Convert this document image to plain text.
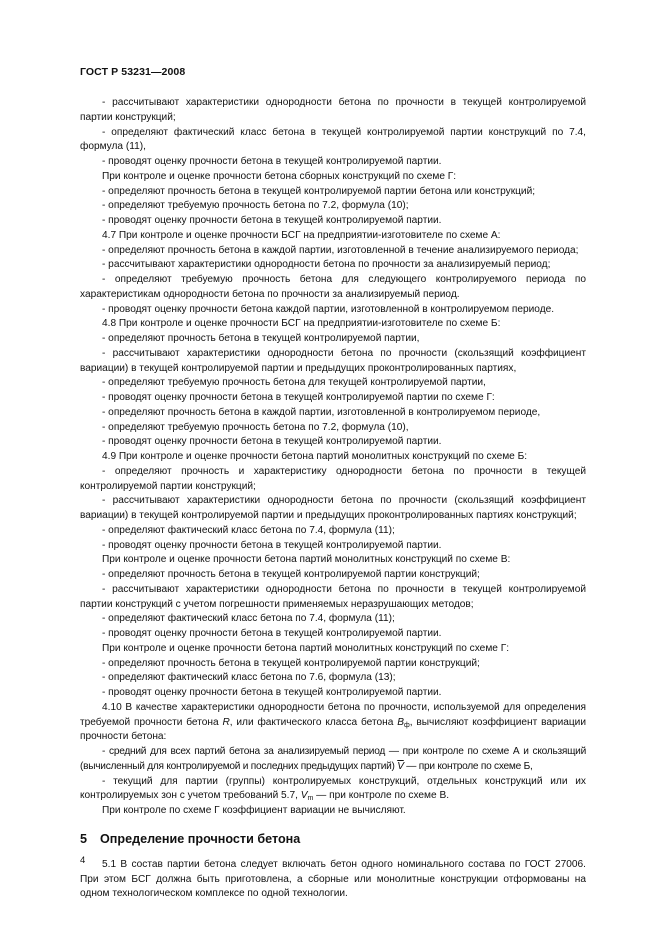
ГОСТ Р 53231—2008

- рассчитывают характеристики однородности бетона по прочности в текущей контролируемой партии конструкций;

- определяют фактический класс бетона в текущей контролируемой партии конструкций по 7.4, формула (11),

- проводят оценку прочности бетона в текущей контролируемой партии.

При контроле и оценке прочности бетона сборных конструкций по схеме Г:

- определяют прочность бетона в текущей контролируемой партии бетона или конструкций;

- определяют требуемую прочность бетона по 7.2, формула (10);

- проводят оценку прочности бетона в текущей контролируемой партии.

4.7 При контроле и оценке прочности БСГ на предприятии-изготовителе по схеме А:

- определяют прочность бетона в каждой партии, изготовленной в течение анализируемого периода;

- рассчитывают характеристики однородности бетона по прочности за анализируемый период;

- определяют требуемую прочность бетона для следующего контролируемого периода по характеристикам однородности бетона по прочности за анализируемый период.

- проводят оценку прочности бетона каждой партии, изготовленной в контролируемом периоде.

4.8 При контроле и оценке прочности БСГ на предприятии-изготовителе по схеме Б:

- определяют прочность бетона в текущей контролируемой партии,

- рассчитывают характеристики однородности бетона по прочности (скользящий коэффициент вариации) в текущей контролируемой партии и предыдущих проконтролированных партиях,

- определяют требуемую прочность бетона для текущей контролируемой партии,

- проводят оценку прочности бетона в текущей контролируемой партии по схеме Г:

- определяют прочность бетона в каждой партии, изготовленной в контролируемом периоде,

- определяют требуемую прочность бетона по 7.2, формула (10),

- проводят оценку прочности бетона в текущей контролируемой партии.

4.9 При контроле и оценке прочности бетона партий монолитных конструкций по схеме Б:

- определяют прочность и характеристику однородности бетона по прочности в текущей контролируемой партии конструкций;

- рассчитывают характеристики однородности бетона по прочности (скользящий коэффициент вариации) в текущей контролируемой партии и предыдущих проконтролированных партиях конструкций;

- определяют фактический класс бетона по 7.4, формула (11);

- проводят оценку прочности бетона в текущей контролируемой партии.

При контроле и оценке прочности бетона партий монолитных конструкций по схеме В:

- определяют прочность бетона в текущей контролируемой партии конструкций;

- рассчитывают характеристики однородности бетона по прочности в текущей контролируемой партии конструкций с учетом погрешности применяемых неразрушающих методов;

- определяют фактический класс бетона по 7.4, формула (11);

- проводят оценку прочности бетона в текущей контролируемой партии.

При контроле и оценке прочности бетона партий монолитных конструкций по схеме Г:

- определяют прочность бетона в текущей контролируемой партии конструкций;

- определяют фактический класс бетона по 7.6, формула (13);

- проводят оценку прочности бетона в текущей контролируемой партии.

4.10 В качестве характеристики однородности бетона по прочности, используемой для определения требуемой прочности бетона R, или фактического класса бетона $B_ф$, вычисляют коэффициент вариации прочности бетона:

- средний для всех партий бетона за анализируемый период — при контроле по схеме А и скользящий (вычисленный для контролируемой и последних предыдущих партий) $\overline{V}$ — при контроле по схеме Б,

- текущий для партии (группы) контролируемых конструкций, отдельных конструкций или их контролируемых зон с учетом требований 5.7, $V_m$ — при контроле по схеме В.

При контроле по схеме Г коэффициент вариации не вычисляют.

5 Определение прочности бетона

5.1 В состав партии бетона следует включать бетон одного номинального состава по ГОСТ 27006. При этом БСГ должна быть приготовлена, а сборные или монолитные конструкции отформованы на одном технологическом комплексе по одной технологии.

4
